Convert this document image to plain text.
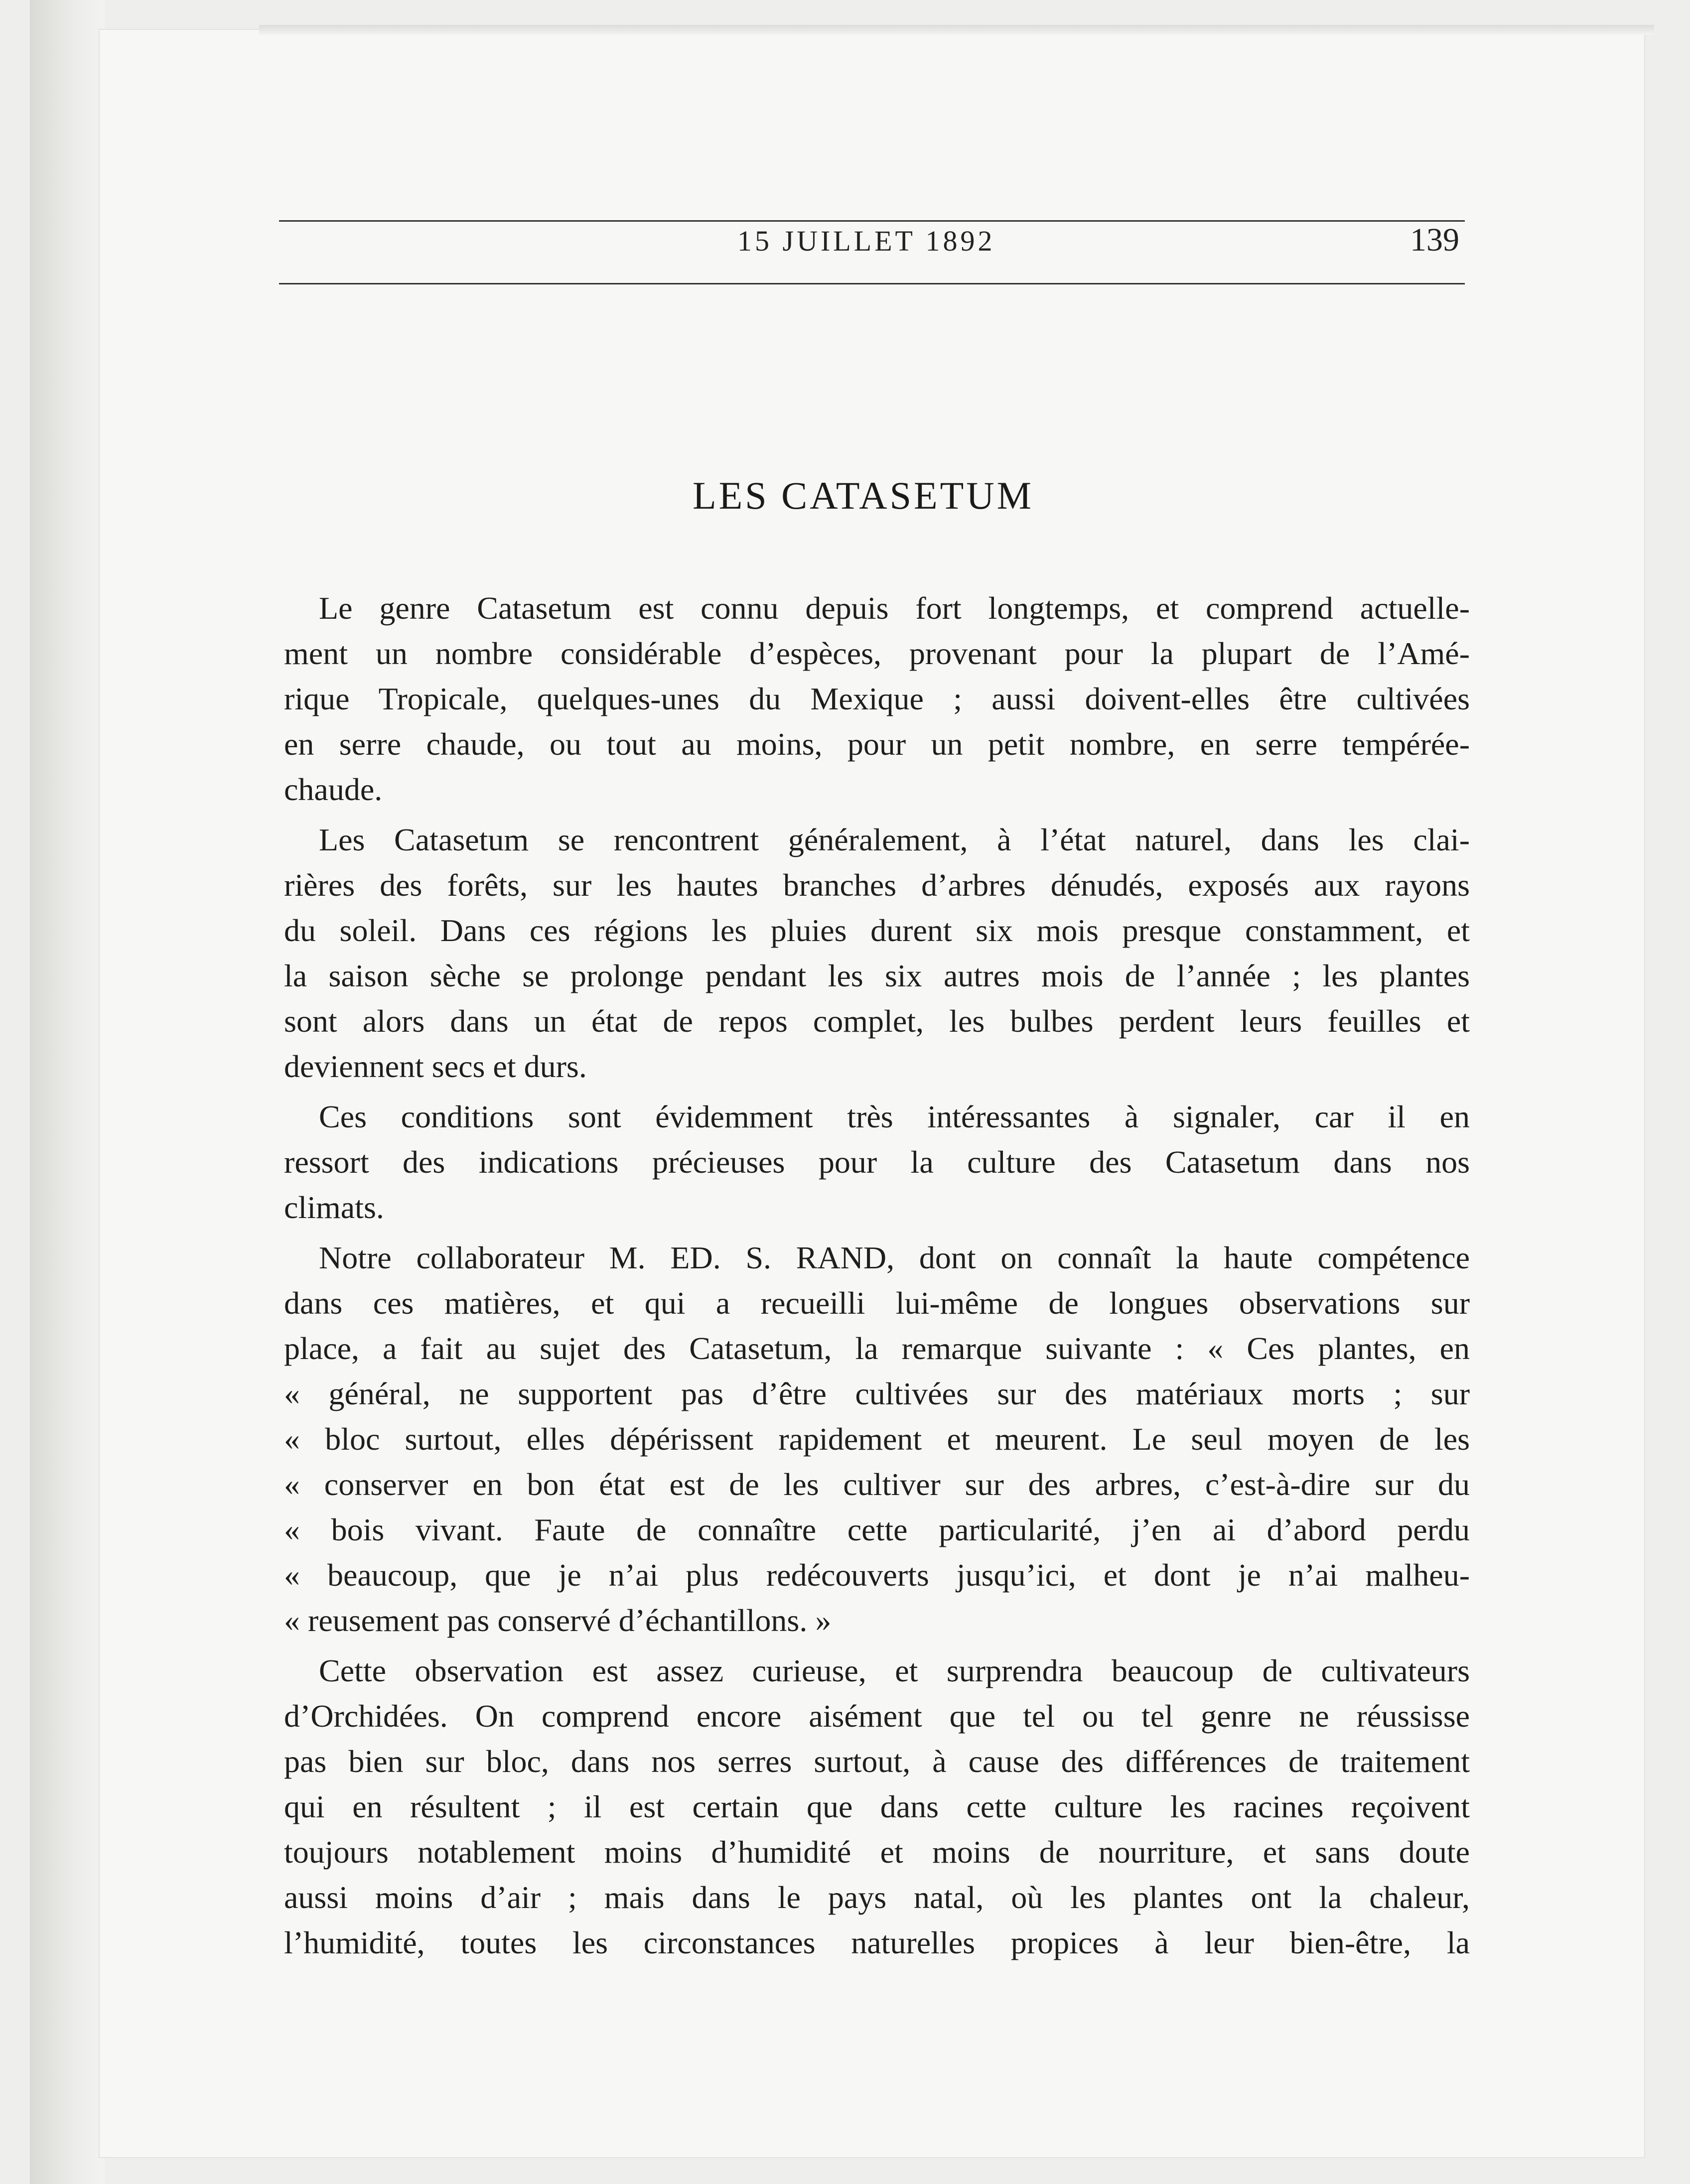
15 JUILLET 1892	139
LES CATASETUM
Le genre Catasetum est connu depuis fort longtemps, et comprend actuelle-
ment un nombre considérable d’espèces, provenant pour la plupart de l’Amé-
rique Tropicale, quelques-unes du Mexique ; aussi doivent-elles être cultivées
en serre chaude, ou tout au moins, pour un petit nombre, en serre tempérée-
chaude.
Les Catasetum se rencontrent généralement, à l’état naturel, dans les clai-
rières des forêts, sur les hautes branches d’arbres dénudés, exposés aux rayons
du soleil. Dans ces régions les pluies durent six mois presque constamment, et
la saison sèche se prolonge pendant les six autres mois de l’année ; les plantes
sont alors dans un état de repos complet, les bulbes perdent leurs feuilles et
deviennent secs et durs.
Ces conditions sont évidemment très intéressantes à signaler, car il en
ressort des indications précieuses pour la culture des Catasetum dans nos
climats.
Notre collaborateur M. ED. S. RAND, dont on connaît la haute compétence
dans ces matières, et qui a recueilli lui-même de longues observations sur
place, a fait au sujet des Catasetum, la remarque suivante : « Ces plantes, en
« général, ne supportent pas d’être cultivées sur des matériaux morts ; sur
« bloc surtout, elles dépérissent rapidement et meurent. Le seul moyen de les
« conserver en bon état est de les cultiver sur des arbres, c’est-à-dire sur du
« bois vivant. Faute de connaître cette particularité, j’en ai d’abord perdu
« beaucoup, que je n’ai plus redécouverts jusqu’ici, et dont je n’ai malheu-
« reusement pas conservé d’échantillons. »
Cette observation est assez curieuse, et surprendra beaucoup de cultivateurs
d’Orchidées. On comprend encore aisément que tel ou tel genre ne réussisse
pas bien sur bloc, dans nos serres surtout, à cause des différences de traitement
qui en résultent ; il est certain que dans cette culture les racines reçoivent
toujours notablement moins d’humidité et moins de nourriture, et sans doute
aussi moins d’air ; mais dans le pays natal, où les plantes ont la chaleur,
l’humidité, toutes les circonstances naturelles propices à leur bien-être, la
